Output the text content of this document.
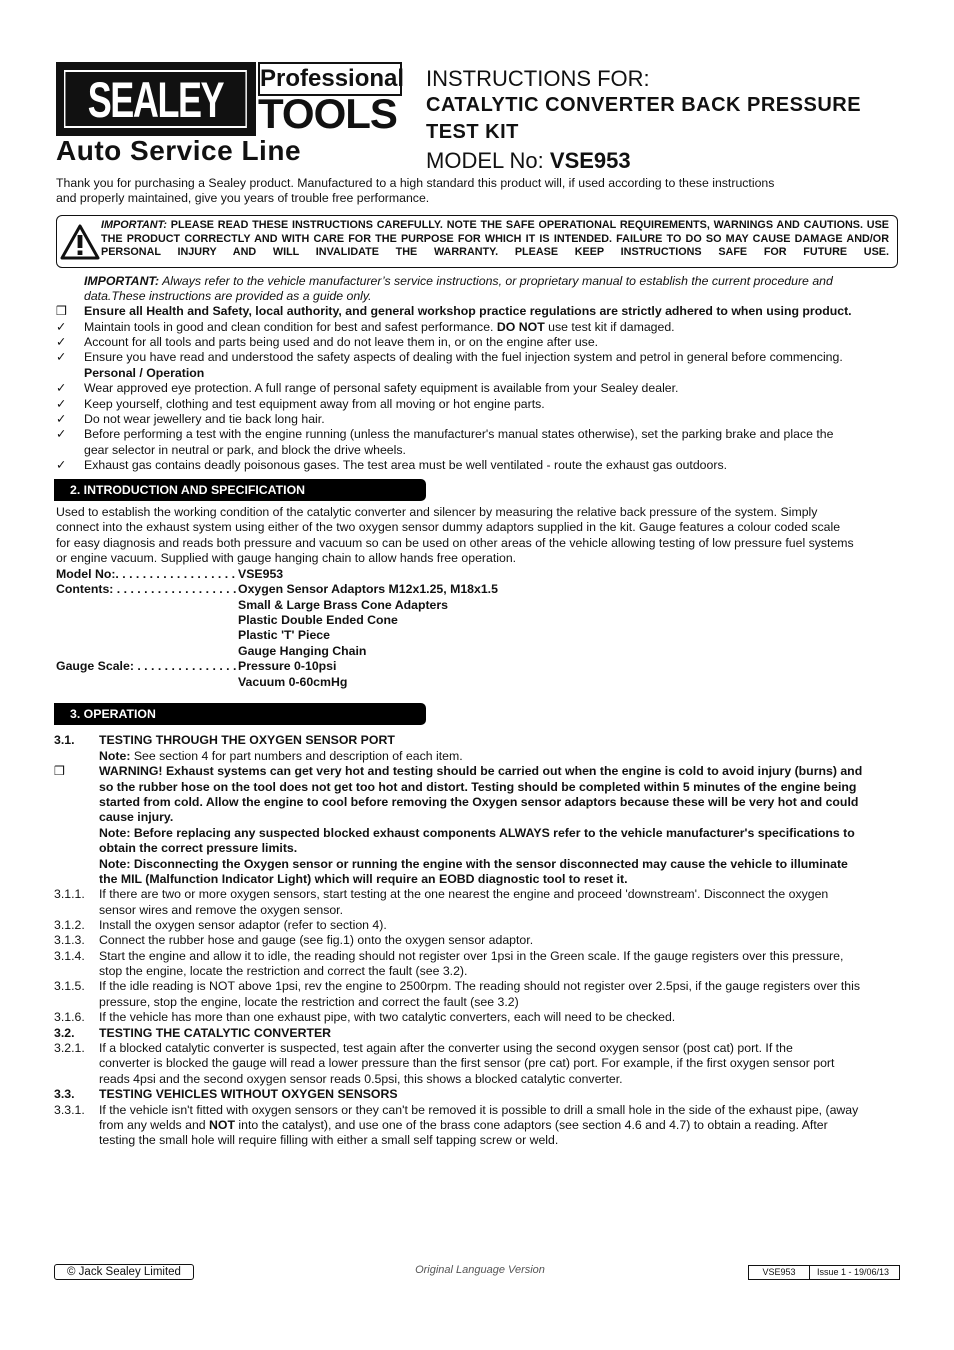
SEALEY	Professional
TOOLS
Auto Service Line
INSTRUCTIONS FOR:
CATALYTIC CONVERTER BACK PRESSURE
TEST KIT
MODEL No: VSE953
Thank you for purchasing a Sealey product. Manufactured to a high standard this product will, if used according to these instructions
and properly maintained, give you years of trouble free performance.
IMPORTANT: PLEASE READ THESE INSTRUCTIONS CAREFULLY. NOTE THE SAFE OPERATIONAL REQUIREMENTS, WARNINGS AND CAUTIONS. USE THE PRODUCT CORRECTLY AND WITH CARE FOR THE PURPOSE FOR WHICH IT IS INTENDED. FAILURE TO DO SO MAY CAUSE DAMAGE AND/OR PERSONAL INJURY AND WILL INVALIDATE THE WARRANTY. PLEASE KEEP INSTRUCTIONS SAFE FOR FUTURE USE.
IMPORTANT: Always refer to the vehicle manufacturer’s service instructions, or proprietary manual to establish the current procedure and
data.These instructions are provided as a guide only.
❒	Ensure all Health and Safety, local authority, and general workshop practice regulations are strictly adhered to when using product.
✓	Maintain tools in good and clean condition for best and safest performance. DO NOT use test kit if damaged.
✓	Account for all tools and parts being used and do not leave them in, or on the engine after use.
✓	Ensure you have read and understood the safety aspects of dealing with the fuel injection system and petrol in general before commencing.
Personal / Operation
✓	Wear approved eye protection. A full range of personal safety equipment is available from your Sealey dealer.
✓	Keep yourself, clothing and test equipment away from all moving or hot engine parts.
✓	Do not wear jewellery and tie back long hair.
✓	Before performing a test with the engine running (unless the manufacturer's manual states otherwise), set the parking brake and place the
gear selector in neutral or park, and block the drive wheels.
✓	Exhaust gas contains deadly poisonous gases. The test area must be well ventilated - route the exhaust gas outdoors.
2. INTRODUCTION AND SPECIFICATION
Used to establish the working condition of the catalytic converter and silencer by measuring the relative back pressure of the system. Simply
connect into the exhaust system using either of the two oxygen sensor dummy adaptors supplied in the kit. Gauge features a colour coded scale
for easy diagnosis and reads both pressure and vacuum so can be used on other areas of the vehicle allowing testing of low pressure fuel systems
or engine vacuum. Supplied with gauge hanging chain to allow hands free operation.
Model No:. . . . . . . . . . . . . . . . . . VSE953
Contents: . . . . . . . . . . . . . . . . . . Oxygen Sensor Adaptors M12x1.25, M18x1.5
Small & Large Brass Cone Adapters
Plastic Double Ended Cone
Plastic 'T' Piece
Gauge Hanging Chain
Gauge Scale: . . . . . . . . . . . . . . . Pressure 0-10psi
Vacuum 0-60cmHg
3. OPERATION
3.1. TESTING THROUGH THE OXYGEN SENSOR PORT
Note: See section 4 for part numbers and description of each item.
❒	WARNING! Exhaust systems can get very hot and testing should be carried out when the engine is cold to avoid injury (burns) and
so the rubber hose on the tool does not get too hot and distort. Testing should be completed within 5 minutes of the engine being
started from cold. Allow the engine to cool before removing the Oxygen sensor adaptors because these will be very hot and could
cause injury.
Note: Before replacing any suspected blocked exhaust components ALWAYS refer to the vehicle manufacturer's specifications to
obtain the correct pressure limits.
Note: Disconnecting the Oxygen sensor or running the engine with the sensor disconnected may cause the vehicle to illuminate
the MIL (Malfunction Indicator Light) which will require an EOBD diagnostic tool to reset it.
3.1.1. If there are two or more oxygen sensors, start testing at the one nearest the engine and proceed 'downstream'. Disconnect the oxygen
sensor wires and remove the oxygen sensor.
3.1.2. Install the oxygen sensor adaptor (refer to section 4).
3.1.3. Connect the rubber hose and gauge (see fig.1) onto the oxygen sensor adaptor.
3.1.4. Start the engine and allow it to idle, the reading should not register over 1psi in the Green scale. If the gauge registers over this pressure,
stop the engine, locate the restriction and correct the fault (see 3.2).
3.1.5. If the idle reading is NOT above 1psi, rev the engine to 2500rpm. The reading should not register over 2.5psi, if the gauge registers over this
pressure, stop the engine, locate the restriction and correct the fault (see 3.2)
3.1.6. If the vehicle has more than one exhaust pipe, with two catalytic converters, each will need to be checked.
3.2. TESTING THE CATALYTIC CONVERTER
3.2.1. If a blocked catalytic converter is suspected, test again after the converter using the second oxygen sensor (post cat) port. If the
converter is blocked the gauge will read a lower pressure than the first sensor (pre cat) port. For example, if the first oxygen sensor port
reads 4psi and the second oxygen sensor reads 0.5psi, this shows a blocked catalytic converter.
3.3. TESTING VEHICLES WITHOUT OXYGEN SENSORS
3.3.1. If the vehicle isn't fitted with oxygen sensors or they can't be removed it is possible to drill a small hole in the side of the exhaust pipe, (away
from any welds and NOT into the catalyst), and use one of the brass cone adaptors (see section 4.6 and 4.7) to obtain a reading. After
testing the small hole will require filling with either a small self tapping screw or weld.
© Jack Sealey Limited	Original Language Version	VSE953 Issue 1 - 19/06/13
